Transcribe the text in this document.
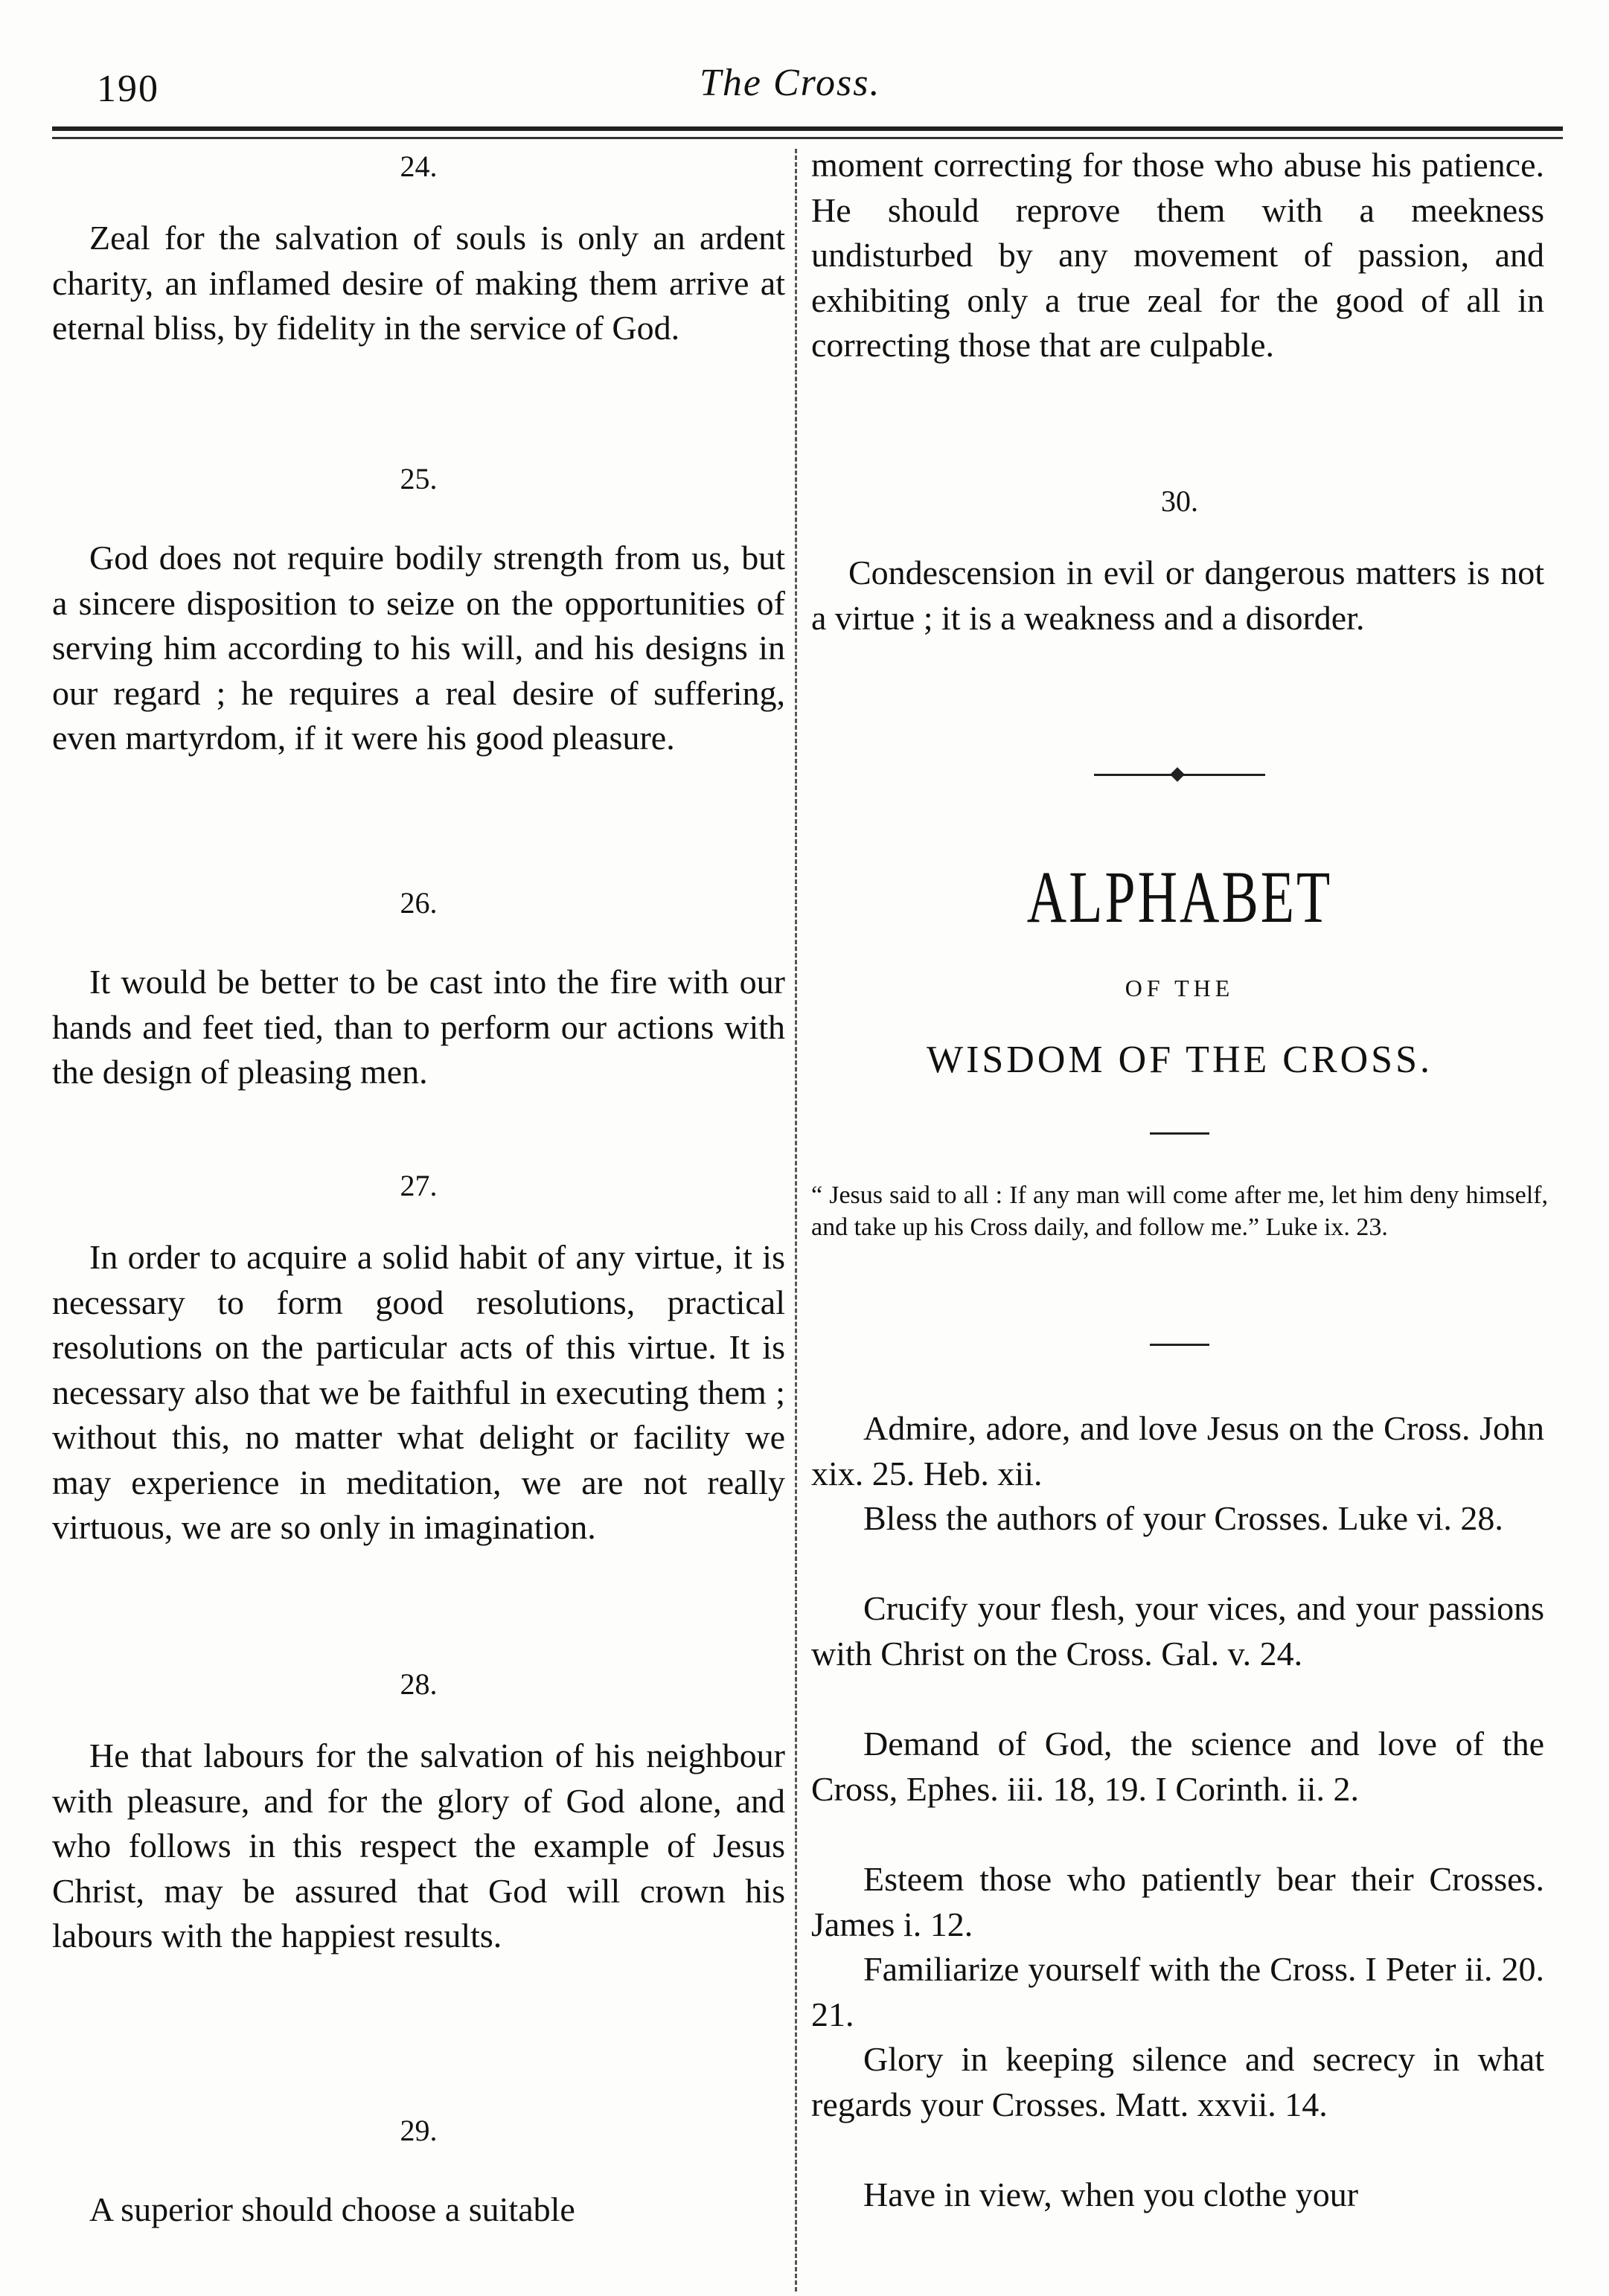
190	The Cross.
24.
Zeal for the salvation of souls is only an ardent charity, an inflamed desire of making them arrive at eternal bliss, by fidelity in the service of God.
25.
God does not require bodily strength from us, but a sincere disposition to seize on the opportunities of serving him according to his will, and his designs in our regard ; he requires a real desire of suffering, even martyrdom, if it were his good pleasure.
26.
It would be better to be cast into the fire with our hands and feet tied, than to perform our actions with the design of pleasing men.
27.
In order to acquire a solid habit of any virtue, it is necessary to form good resolutions, practical resolutions on the particular acts of this virtue. It is necessary also that we be faithful in executing them ; without this, no matter what delight or facility we may experience in meditation, we are not really virtuous, we are so only in imagination.
28.
He that labours for the salvation of his neighbour with pleasure, and for the glory of God alone, and who follows in this respect the example of Jesus Christ, may be assured that God will crown his labours with the happiest results.
29.
A superior should choose a suitable
moment correcting for those who abuse his patience. He should reprove them with a meekness undisturbed by any movement of passion, and exhibiting only a true zeal for the good of all in correcting those that are culpable.
30.
Condescension in evil or dangerous matters is not a virtue ; it is a weakness and a disorder.
ALPHABET
OF THE
WISDOM OF THE CROSS.
“ Jesus said to all : If any man will come after me, let him deny himself, and take up his Cross daily, and follow me.” Luke ix. 23.
Admire, adore, and love Jesus on the Cross. John xix. 25. Heb. xii.
Bless the authors of your Crosses. Luke vi. 28.
Crucify your flesh, your vices, and your passions with Christ on the Cross. Gal. v. 24.
Demand of God, the science and love of the Cross, Ephes. iii. 18, 19. I Corinth. ii. 2.
Esteem those who patiently bear their Crosses. James i. 12.
Familiarize yourself with the Cross. I Peter ii. 20. 21.
Glory in keeping silence and secrecy in what regards your Crosses. Matt. xxvii. 14.
Have in view, when you clothe your
